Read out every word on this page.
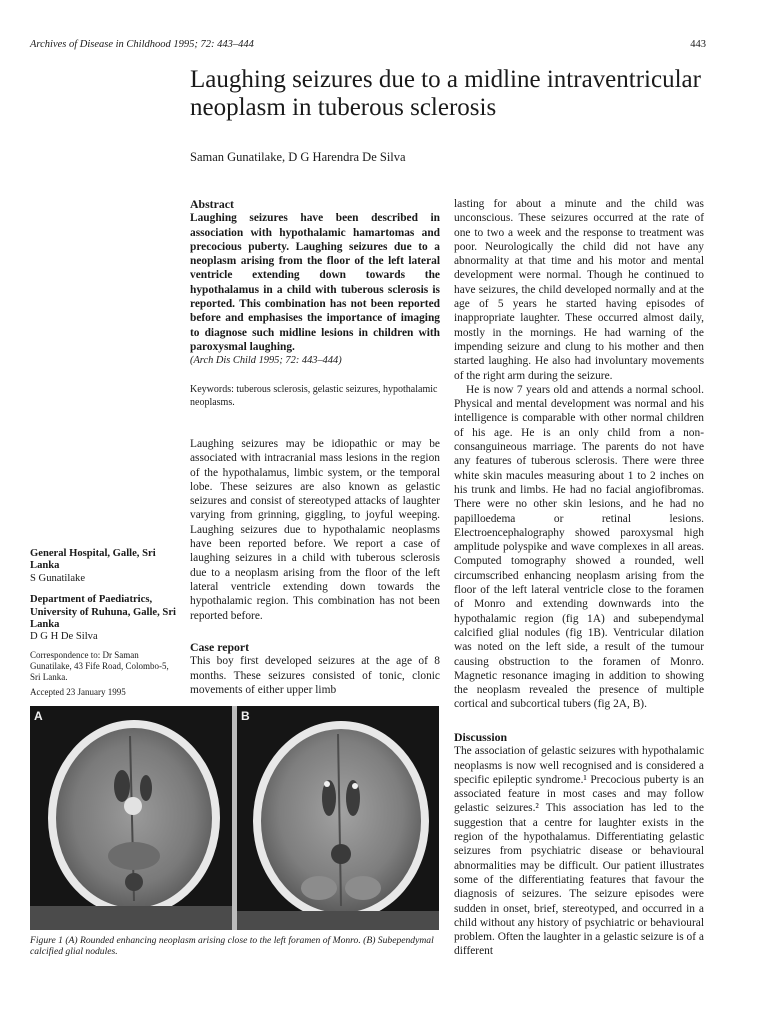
Archives of Disease in Childhood 1995; 72: 443–444	443
Laughing seizures due to a midline intraventricular neoplasm in tuberous sclerosis
Saman Gunatilake, D G Harendra De Silva
Abstract

Laughing seizures have been described in association with hypothalamic hamartomas and precocious puberty. Laughing seizures due to a neoplasm arising from the floor of the left lateral ventricle extending down towards the hypothalamus in a child with tuberous sclerosis is reported. This combination has not been reported before and emphasises the importance of imaging to diagnose such midline lesions in children with paroxysmal laughing.

(Arch Dis Child 1995; 72: 443–444)

Keywords: tuberous sclerosis, gelastic seizures, hypothalamic neoplasms.

Laughing seizures may be idiopathic or may be associated with intracranial mass lesions in the region of the hypothalamus, limbic system, or the temporal lobe. These seizures are also known as gelastic seizures and consist of stereotyped attacks of laughter varying from grinning, giggling, to joyful weeping. Laughing seizures due to hypothalamic neoplasms have been reported before. We report a case of laughing seizures in a child with tuberous sclerosis due to a neoplasm arising from the floor of the left lateral ventricle extending down towards the hypothalamic region. This combination has not been reported before.

Case report

This boy first developed seizures at the age of 8 months. These seizures consisted of tonic, clonic movements of either upper limb

lasting for about a minute and the child was unconscious. These seizures occurred at the rate of one to two a week and the response to treatment was poor. Neurologically the child did not have any abnormality at that time and his motor and mental development were normal. Though he continued to have seizures, the child developed normally and at the age of 5 years he started having episodes of inappropriate laughter. These occurred almost daily, mostly in the mornings. He had warning of the impending seizure and clung to his mother and then started laughing. He also had involuntary movements of the right arm during the seizure.

He is now 7 years old and attends a normal school. Physical and mental development was normal and his intelligence is comparable with other normal children of his age. He is an only child from a non-consanguineous marriage. The parents do not have any features of tuberous sclerosis. There were three white skin macules measuring about 1 to 2 inches on his trunk and limbs. He had no facial angiofibromas. There were no other skin lesions, and he had no papilloedema or retinal lesions. Electroencephalography showed paroxysmal high amplitude polyspike and wave complexes in all areas. Computed tomography showed a rounded, well circumscribed enhancing neoplasm arising from the floor of the left lateral ventricle close to the foramen of Monro and extending downwards into the hypothalamic region (fig 1A) and subependymal calcified glial nodules (fig 1B). Ventricular dilation was noted on the left side, a result of the tumour causing obstruction to the foramen of Monro. Magnetic resonance imaging in addition to showing the neoplasm revealed the presence of multiple cortical and subcortical tubers (fig 2A, B).

Discussion

The association of gelastic seizures with hypothalamic neoplasms is now well recognised and is considered a specific epileptic syndrome.¹ Precocious puberty is an associated feature in most cases and may follow gelastic seizures.² This association has led to the suggestion that a centre for laughter exists in the region of the hypothalamus. Differentiating gelastic seizures from psychiatric disease or behavioural abnormalities may be difficult. Our patient illustrates some of the differentiating features that favour the diagnosis of seizures. The seizure episodes were sudden in onset, brief, stereotyped, and occurred in a child without any history of psychiatric or behavioural problem. Often the laughter in a gelastic seizure is of a different

General Hospital, Galle, Sri Lanka
S Gunatilake
Department of Paediatrics, University of Ruhuna, Galle, Sri Lanka
D G H De Silva
Correspondence to: Dr Saman Gunatilake, 43 Fife Road, Colombo-5, Sri Lanka.
Accepted 23 January 1995
A	B
Figure 1 (A) Rounded enhancing neoplasm arising close to the left foramen of Monro. (B) Subependymal calcified glial nodules.
